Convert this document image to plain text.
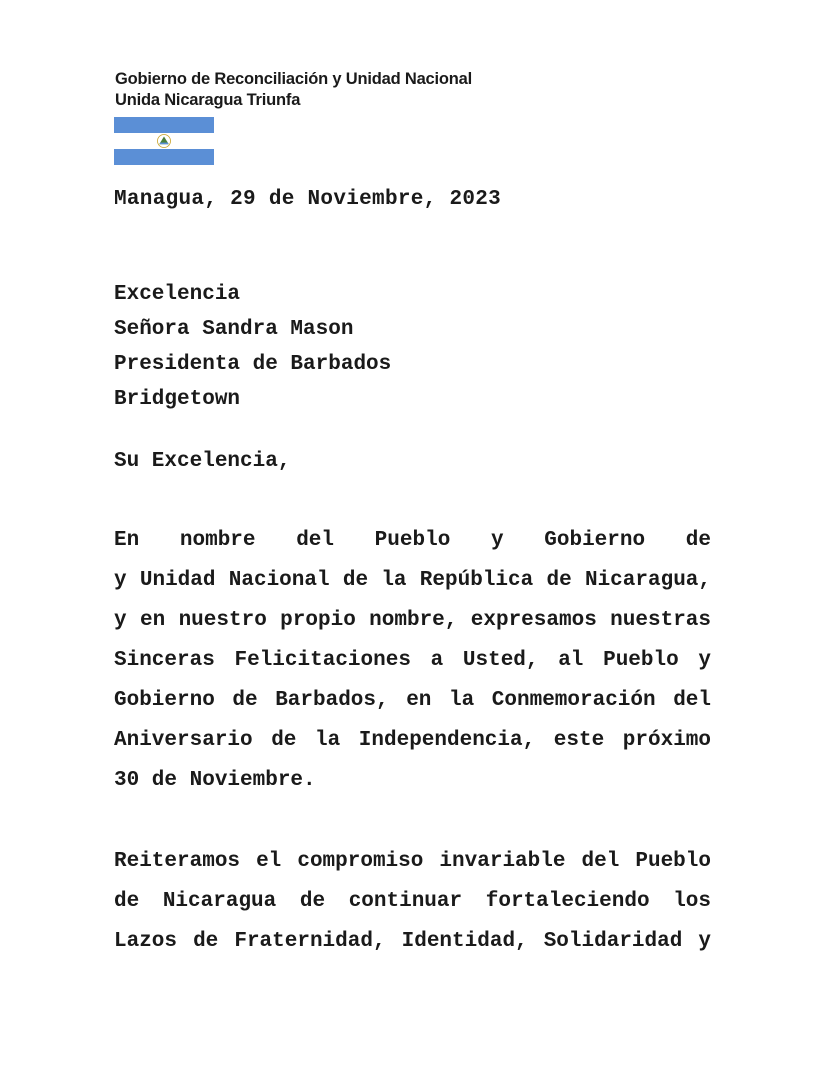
Gobierno de Reconciliación y Unidad Nacional
Unida Nicaragua Triunfa
Managua, 29 de Noviembre, 2023
Excelencia
Señora Sandra Mason
Presidenta de Barbados
Bridgetown
Su Excelencia,
En nombre del Pueblo y Gobierno de
y Unidad Nacional de la República de Nicaragua,
y en nuestro propio nombre, expresamos nuestras
Sinceras Felicitaciones a Usted, al Pueblo y
Gobierno de Barbados, en la Conmemoración del
Aniversario de la Independencia, este próximo
30 de Noviembre.
Reiteramos el compromiso invariable del Pueblo
de Nicaragua de continuar fortaleciendo los
Lazos de Fraternidad, Identidad, Solidaridad y
